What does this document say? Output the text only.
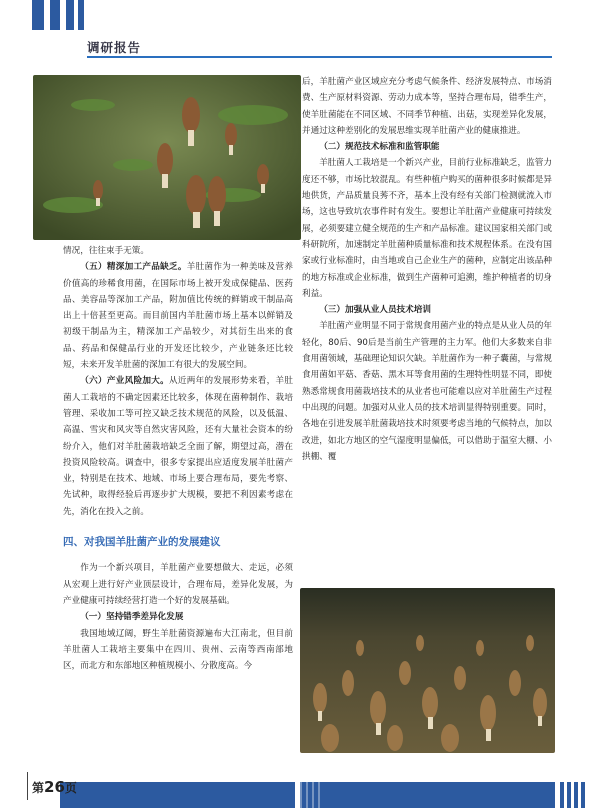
调研报告

情况，往往束手无策。

（五）精深加工产品缺乏。羊肚菌作为一种美味及营养价值高的珍稀食用菌，在国际市场上被开发成保健品、医药品、美容品等深加工产品，附加值比传统的鲜销或干制品高出上十倍甚至更高。而目前国内羊肚菌市场上基本以鲜销及初级干制品为主，精深加工产品较少，对其衍生出来的食品、药品和保健品行业的开发还比较少，产业链条还比较短，未来开发羊肚菌的深加工有很大的发展空间。

（六）产业风险加大。从近两年的发展形势来看，羊肚菌人工栽培的不确定因素还比较多，体现在菌种制作、栽培管理、采收加工等可控又缺乏技术规范的风险，以及低温、高温、雪灾和风灾等自然灾害风险，还有大量社会资本的纷纷介入，他们对羊肚菌栽培缺乏全面了解，期望过高，潜在投资风险较高。调查中，很多专家提出应适度发展羊肚菌产业，特别是在技术、地域、市场上要合理布局，要先考察、先试种，取得经验后再逐步扩大规模，要把不利因素考虑在先，消化在投入之前。

四、对我国羊肚菌产业的发展建议

作为一个新兴项目，羊肚菌产业要想做大、走远，必须从宏观上进行好产业顶层设计，合理布局，差异化发展，为产业健康可持续经营打造一个好的发展基础。

（一）坚持错季差异化发展

我国地域辽阔，野生羊肚菌资源遍布大江南北，但目前羊肚菌人工栽培主要集中在四川、贵州、云南等西南部地区，而北方和东部地区种植规模小、分散度高。今

后，羊肚菌产业区域应充分考虑气候条件、经济发展特点、市场消费、生产原材料资源、劳动力成本等，坚持合理布局，错季生产，使羊肚菌能在不同区域、不同季节种植、出菇，实现差异化发展，并通过这种差别化的发展思维实现羊肚菌产业的健康推进。

（二）规范技术标准和监管职能

羊肚菌人工栽培是一个新兴产业，目前行业标准缺乏，监管力度还不够，市场比较混乱。有些种植户购买的菌种很多时候都是异地供货，产品质量良莠不齐，基本上没有经有关部门检测就流入市场，这也导致坑农事件时有发生。要想让羊肚菌产业健康可持续发展，必须要建立健全规范的生产和产品标准。建议国家相关部门或科研院所，加速制定羊肚菌种质量标准和技术规程体系。在没有国家或行业标准时，由当地或自己企业生产的菌种，应制定出该品种的地方标准或企业标准，做到生产菌种可追溯，维护种植者的切身利益。

（三）加强从业人员技术培训

羊肚菌产业明显不同于常规食用菌产业的特点是从业人员的年轻化，80后、90后是当前生产管理的主力军。他们大多数来自非食用菌领域，基础理论知识欠缺。羊肚菌作为一种子囊菌，与常规食用菌如平菇、香菇、黑木耳等食用菌的生理特性明显不同，即使熟悉常规食用菌栽培技术的从业者也可能难以应对羊肚菌生产过程中出现的问题。加强对从业人员的技术培训显得特别重要。同时，各地在引进发展羊肚菌栽培技术时须要考虑当地的气候特点，加以改进，如北方地区的空气湿度明显偏低，可以借助于温室大棚、小拱棚、覆

第26页
